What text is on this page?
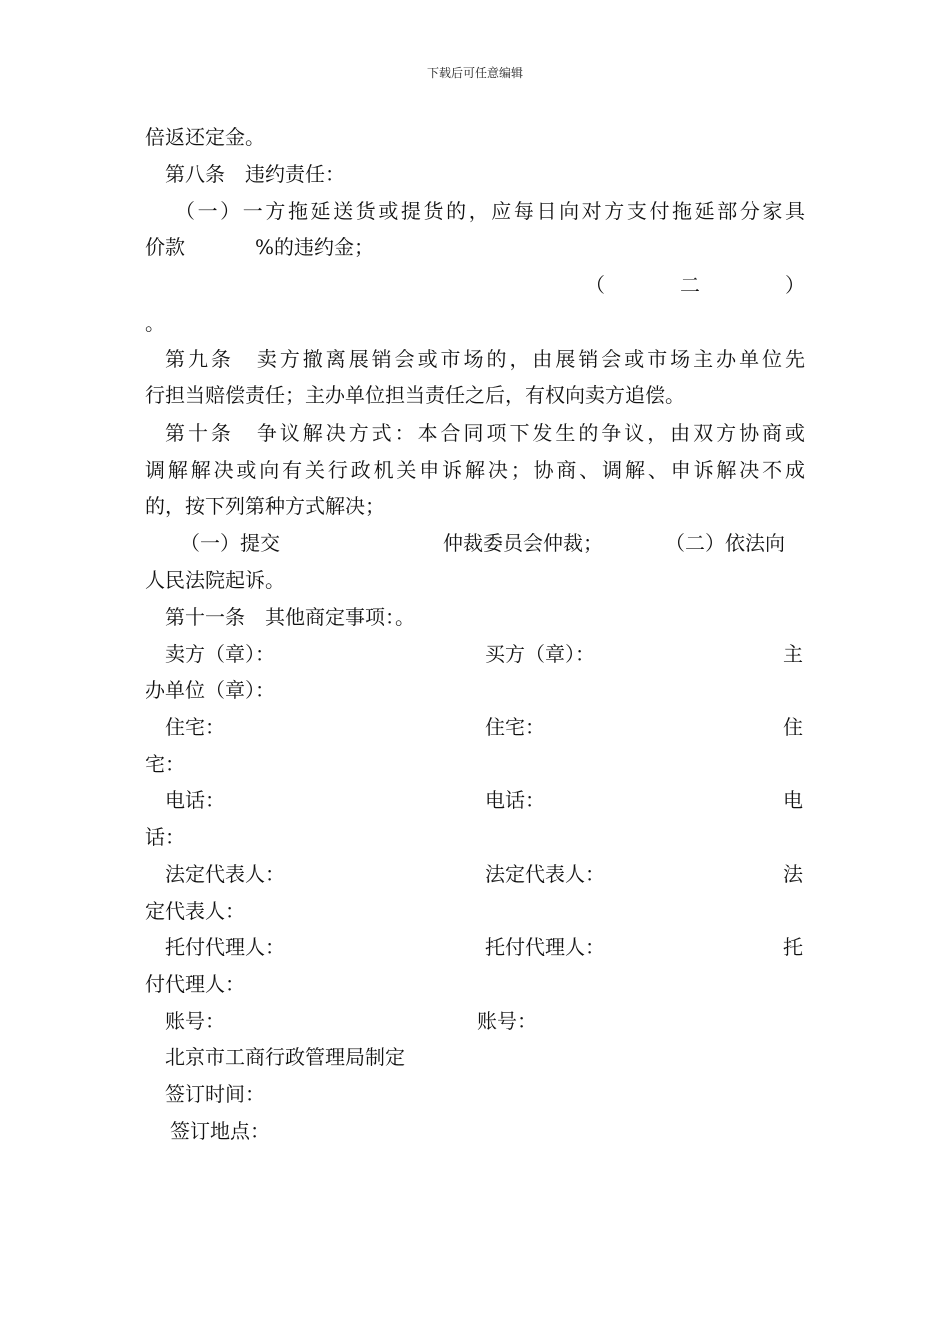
下载后可任意编辑
倍返还定金。
第八条　违约责任：
（一）一方拖延送货或提货的，应每日向对方支付拖延部分家具
价款	%的违约金；
（	二	）
。
第九条　卖方撤离展销会或市场的，由展销会或市场主办单位先
行担当赔偿责任；主办单位担当责任之后，有权向卖方追偿。
第十条　争议解决方式：本合同项下发生的争议，由双方协商或
调解解决或向有关行政机关申诉解决；协商、调解、申诉解决不成
的，按下列第种方式解决；
（一）提交	仲裁委员会仲裁；	（二）依法向
人民法院起诉。
第十一条　其他商定事项：。
卖方（章）：	买方（章）：	主
办单位（章）：
住宅：	住宅：	住
宅：
电话：	电话：	电
话：
法定代表人：	法定代表人：	法
定代表人：
托付代理人：	托付代理人：	托
付代理人：
账号：	账号：
北京市工商行政管理局制定
签订时间：
签订地点：
